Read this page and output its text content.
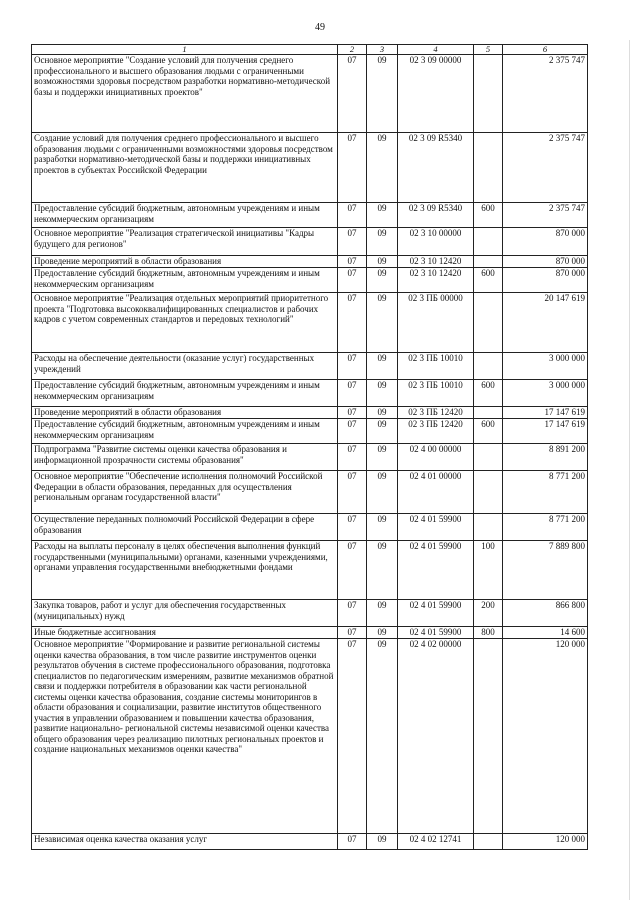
49
1	2	3	4	5	6
Основное мероприятие "Создание условий для получения среднего профессионального и высшего образования людьми с ограниченными возможностями здоровья посредством разработки нормативно-методической базы и поддержки инициативных проектов"	07	09	02 3 09 00000		2 375 747
Создание условий для получения среднего профессионального и высшего образования людьми с ограниченными возможностями здоровья посредством разработки нормативно-методической базы и поддержки инициативных проектов в субъектах Российской Федерации	07	09	02 3 09 R5340		2 375 747
Предоставление субсидий бюджетным, автономным учреждениям и иным некоммерческим организациям	07	09	02 3 09 R5340	600	2 375 747
Основное мероприятие "Реализация стратегической инициативы "Кадры будущего для регионов"	07	09	02 3 10 00000		870 000
Проведение мероприятий в области образования	07	09	02 3 10 12420		870 000
Предоставление субсидий бюджетным, автономным учреждениям и иным некоммерческим организациям	07	09	02 3 10 12420	600	870 000
Основное мероприятие "Реализация отдельных мероприятий приоритетного проекта "Подготовка высококвалифицированных специалистов и рабочих кадров с учетом современных стандартов и передовых технологий"	07	09	02 3 ПБ 00000		20 147 619
Расходы на обеспечение деятельности (оказание услуг) государственных учреждений	07	09	02 3 ПБ 10010		3 000 000
Предоставление субсидий бюджетным, автономным учреждениям и иным некоммерческим организациям	07	09	02 3 ПБ 10010	600	3 000 000
Проведение мероприятий в области образования	07	09	02 3 ПБ 12420		17 147 619
Предоставление субсидий бюджетным, автономным учреждениям и иным некоммерческим организациям	07	09	02 3 ПБ 12420	600	17 147 619
Подпрограмма "Развитие системы оценки качества образования и информационной прозрачности системы образования"	07	09	02 4 00 00000		8 891 200
Основное мероприятие "Обеспечение исполнения полномочий Российской Федерации в области образования, переданных для осуществления региональным органам государственной власти"	07	09	02 4 01 00000		8 771 200
Осуществление переданных полномочий Российской Федерации в сфере образования	07	09	02 4 01 59900		8 771 200
Расходы на выплаты персоналу в целях обеспечения выполнения функций государственными (муниципальными) органами, казенными учреждениями, органами управления государственными внебюджетными фондами	07	09	02 4 01 59900	100	7 889 800
Закупка товаров, работ и услуг для обеспечения государственных (муниципальных) нужд	07	09	02 4 01 59900	200	866 800
Иные бюджетные ассигнования	07	09	02 4 01 59900	800	14 600
Основное мероприятие "Формирование и развитие региональной системы оценки качества образования, в том числе развитие инструментов оценки результатов обучения в системе профессионального образования, подготовка специалистов по педагогическим измерениям, развитие механизмов обратной связи и поддержки потребителя в образовании как части региональной системы оценки качества образования, создание системы мониторингов в области образования и социализации, развитие институтов общественного участия в управлении образованием и повышении качества образования, развитие национально- региональной системы независимой оценки качества общего образования через реализацию пилотных региональных проектов и создание национальных механизмов оценки качества"	07	09	02 4 02 00000		120 000
Независимая оценка качества оказания услуг	07	09	02 4 02 12741		120 000
